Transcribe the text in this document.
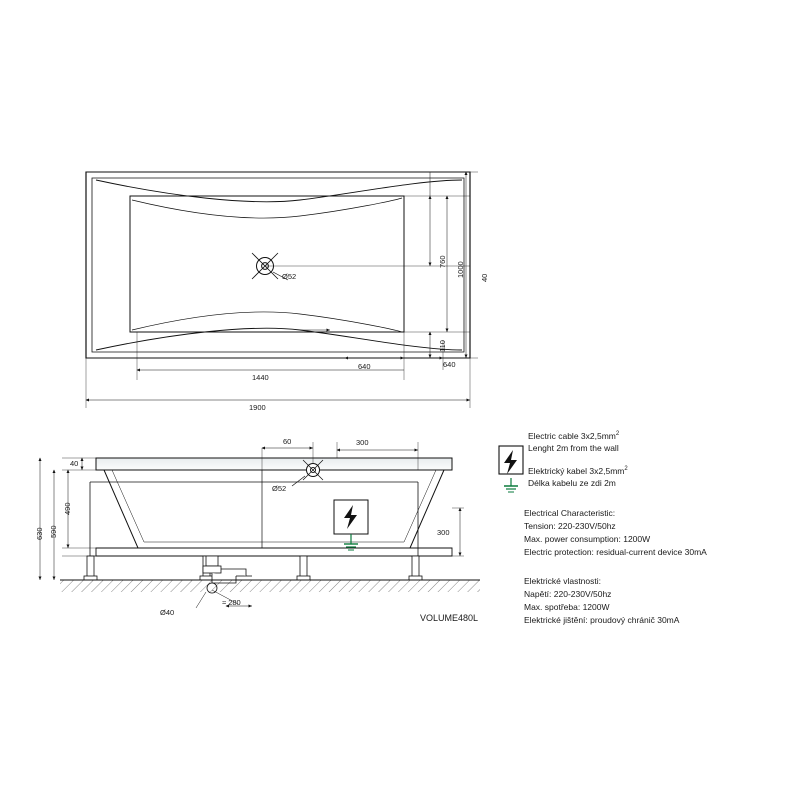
Ø52
760 1000 40
110
640
1440
640
1900
40
490
590
630
60	300
300
Ø52
Ø40
≈ 280
VOLUME480L
Electric cable $3x2,5mm^2$
Lenght 2m from the wall
Elektrický kabel $3x2,5mm^2$
Délka kabelu ze zdi 2m
Electrical Characteristic:
Tension: 220-230V/50hz
Max. power consumption: 1200W
Electric protection: residual-current device 30mA
Elektrické vlastnosti:
Napětí: 220-230V/50hz
Max. spotřeba: 1200W
Elektrické jištění: proudový chránič 30mA
